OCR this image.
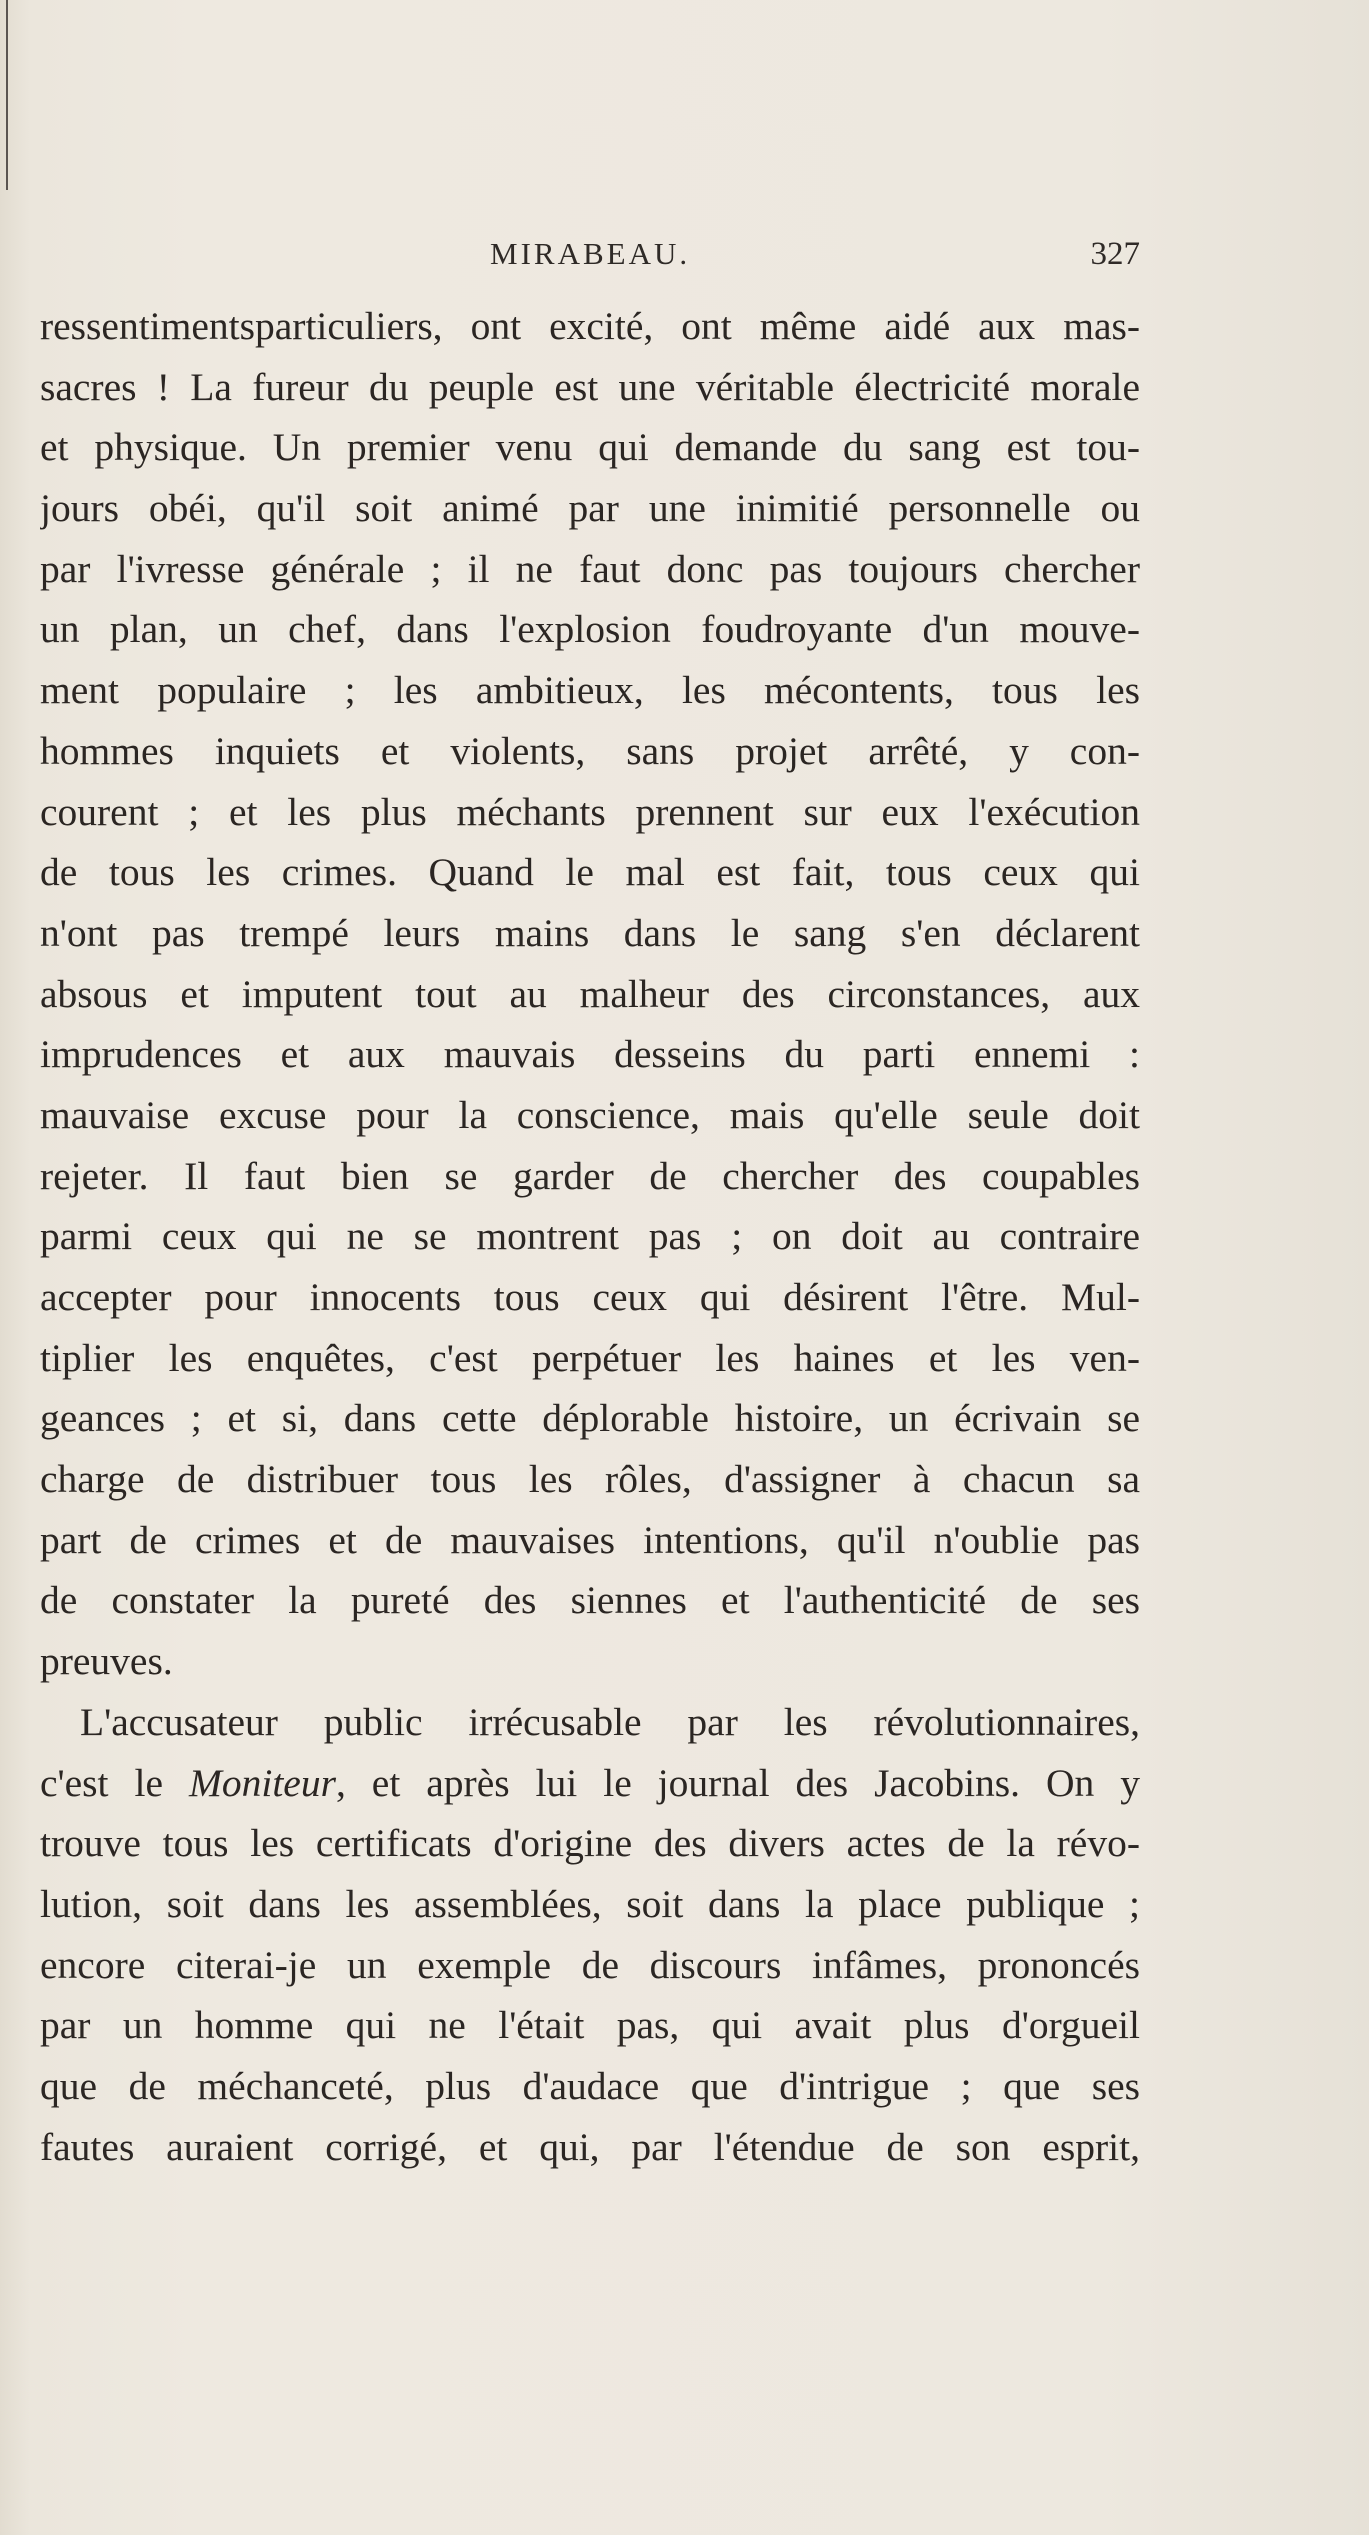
MIRABEAU.	327
ressentimentsparticuliers, ont excité, ont même aidé aux mas-
sacres ! La fureur du peuple est une véritable électricité morale
et physique. Un premier venu qui demande du sang est tou-
jours obéi, qu'il soit animé par une inimitié personnelle ou
par l'ivresse générale ; il ne faut donc pas toujours chercher
un plan, un chef, dans l'explosion foudroyante d'un mouve-
ment populaire ; les ambitieux, les mécontents, tous les
hommes inquiets et violents, sans projet arrêté, y con-
courent ; et les plus méchants prennent sur eux l'exécution
de tous les crimes. Quand le mal est fait, tous ceux qui
n'ont pas trempé leurs mains dans le sang s'en déclarent
absous et imputent tout au malheur des circonstances, aux
imprudences et aux mauvais desseins du parti ennemi :
mauvaise excuse pour la conscience, mais qu'elle seule doit
rejeter. Il faut bien se garder de chercher des coupables
parmi ceux qui ne se montrent pas ; on doit au contraire
accepter pour innocents tous ceux qui désirent l'être. Mul-
tiplier les enquêtes, c'est perpétuer les haines et les ven-
geances ; et si, dans cette déplorable histoire, un écrivain se
charge de distribuer tous les rôles, d'assigner à chacun sa
part de crimes et de mauvaises intentions, qu'il n'oublie pas
de constater la pureté des siennes et l'authenticité de ses
preuves.
L'accusateur public irrécusable par les révolutionnaires,
c'est le Moniteur, et après lui le journal des Jacobins. On y
trouve tous les certificats d'origine des divers actes de la révo-
lution, soit dans les assemblées, soit dans la place publique ;
encore citerai-je un exemple de discours infâmes, prononcés
par un homme qui ne l'était pas, qui avait plus d'orgueil
que de méchanceté, plus d'audace que d'intrigue ; que ses
fautes auraient corrigé, et qui, par l'étendue de son esprit,
